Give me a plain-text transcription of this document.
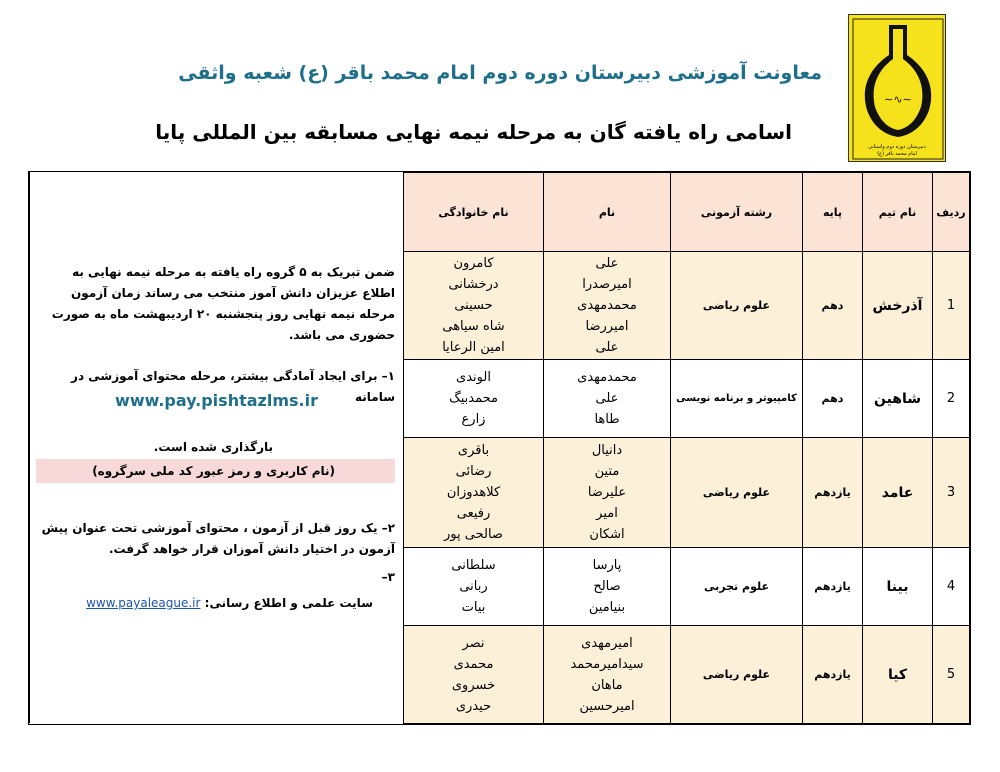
معاونت آموزشی دبیرستان دوره دوم امام محمد باقر (ع) شعبه واثقی
اسامی راه یافته گان به مرحله نیمه نهایی مسابقه بین المللی پایا
∽∿∽
دبیرستان دوره دوم واستانی
امام محمد باقر (ع)
ردیف	نام تیم	پایه	رشته آزمونی	نام	نام خانوادگی
1	آذرخش	دهم	علوم ریاضی	علی
امیرصدرا
محمدمهدی
امیررضا
علی	کامرون
درخشانی
حسینی
شاه سیاهی
امین الرعایا
2	شاهین	دهم	کامپیوتر و برنامه نویسی	محمدمهدی
علی
طاها	الوندی
محمدبیگ
زارع
3	عامد	یازدهم	علوم ریاضی	دانیال
متین
علیرضا
امیر
اشکان	باقری
رضائی
کلاهدوزان
رفیعی
صالحی پور
4	بینا	یازدهم	علوم تجربی	پارسا
صالح
بنیامین	سلطانی
ربانی
بیات
5	کیا	یازدهم	علوم ریاضی	امیرمهدی
سیدامیرمحمد
ماهان
امیرحسین	نصر
محمدی
خسروی
حیدری
ضمن تبریک به ۵ گروه راه یافته به مرحله نیمه نهایی به اطلاع عزیزان دانش آموز منتخب می رساند زمان آزمون مرحله نیمه نهایی روز پنجشنبه ۲۰ اردیبهشت ماه به صورت حضوری می باشد.
۱– برای ایجاد آمادگی بیشتر، مرحله محتوای آموزشی در سامانه
www.pay.pishtazlms.ir
بارگذاری شده است.
(نام کاربری و رمز عبور کد ملی سرگروه)
۲– یک روز قبل از آزمون ، محتوای آموزشی تحت عنوان پیش آزمون در اختیار دانش آموزان قرار خواهد گرفت.
۳–
سایت علمی و اطلاع رسانی: www.payaleague.ir
